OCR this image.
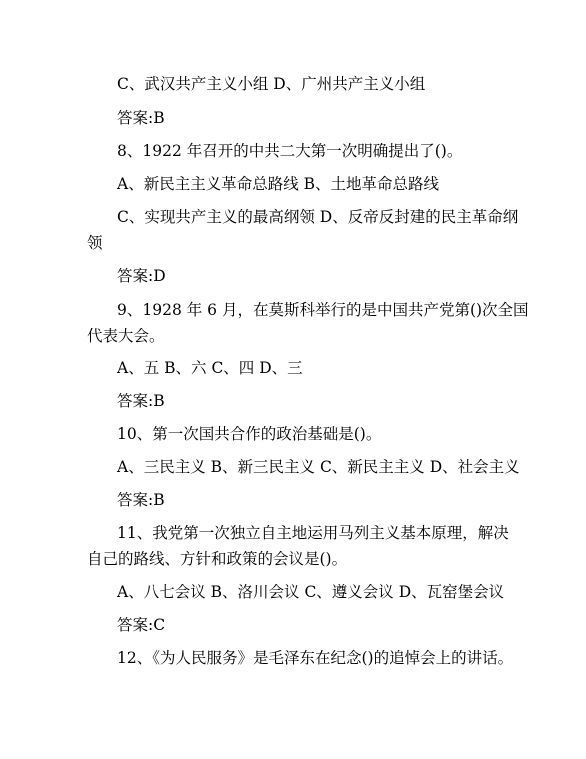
C、武汉共产主义小组 D、广州共产主义小组

答案:B

8、1922 年召开的中共二大第一次明确提出了()。

A、新民主主义革命总路线 B、土地革命总路线

C、实现共产主义的最高纲领 D、反帝反封建的民主革命纲

领

答案:D

9、1928 年 6 月，在莫斯科举行的是中国共产党第()次全国

代表大会。

A、五 B、六 C、四 D、三

答案:B

10、第一次国共合作的政治基础是()。

A、三民主义 B、新三民主义 C、新民主主义 D、社会主义

答案:B

11、我党第一次独立自主地运用马列主义基本原理，解决

自己的路线、方针和政策的会议是()。

A、八七会议 B、洛川会议 C、遵义会议 D、瓦窑堡会议

答案:C

12、《为人民服务》是毛泽东在纪念()的追悼会上的讲话。
